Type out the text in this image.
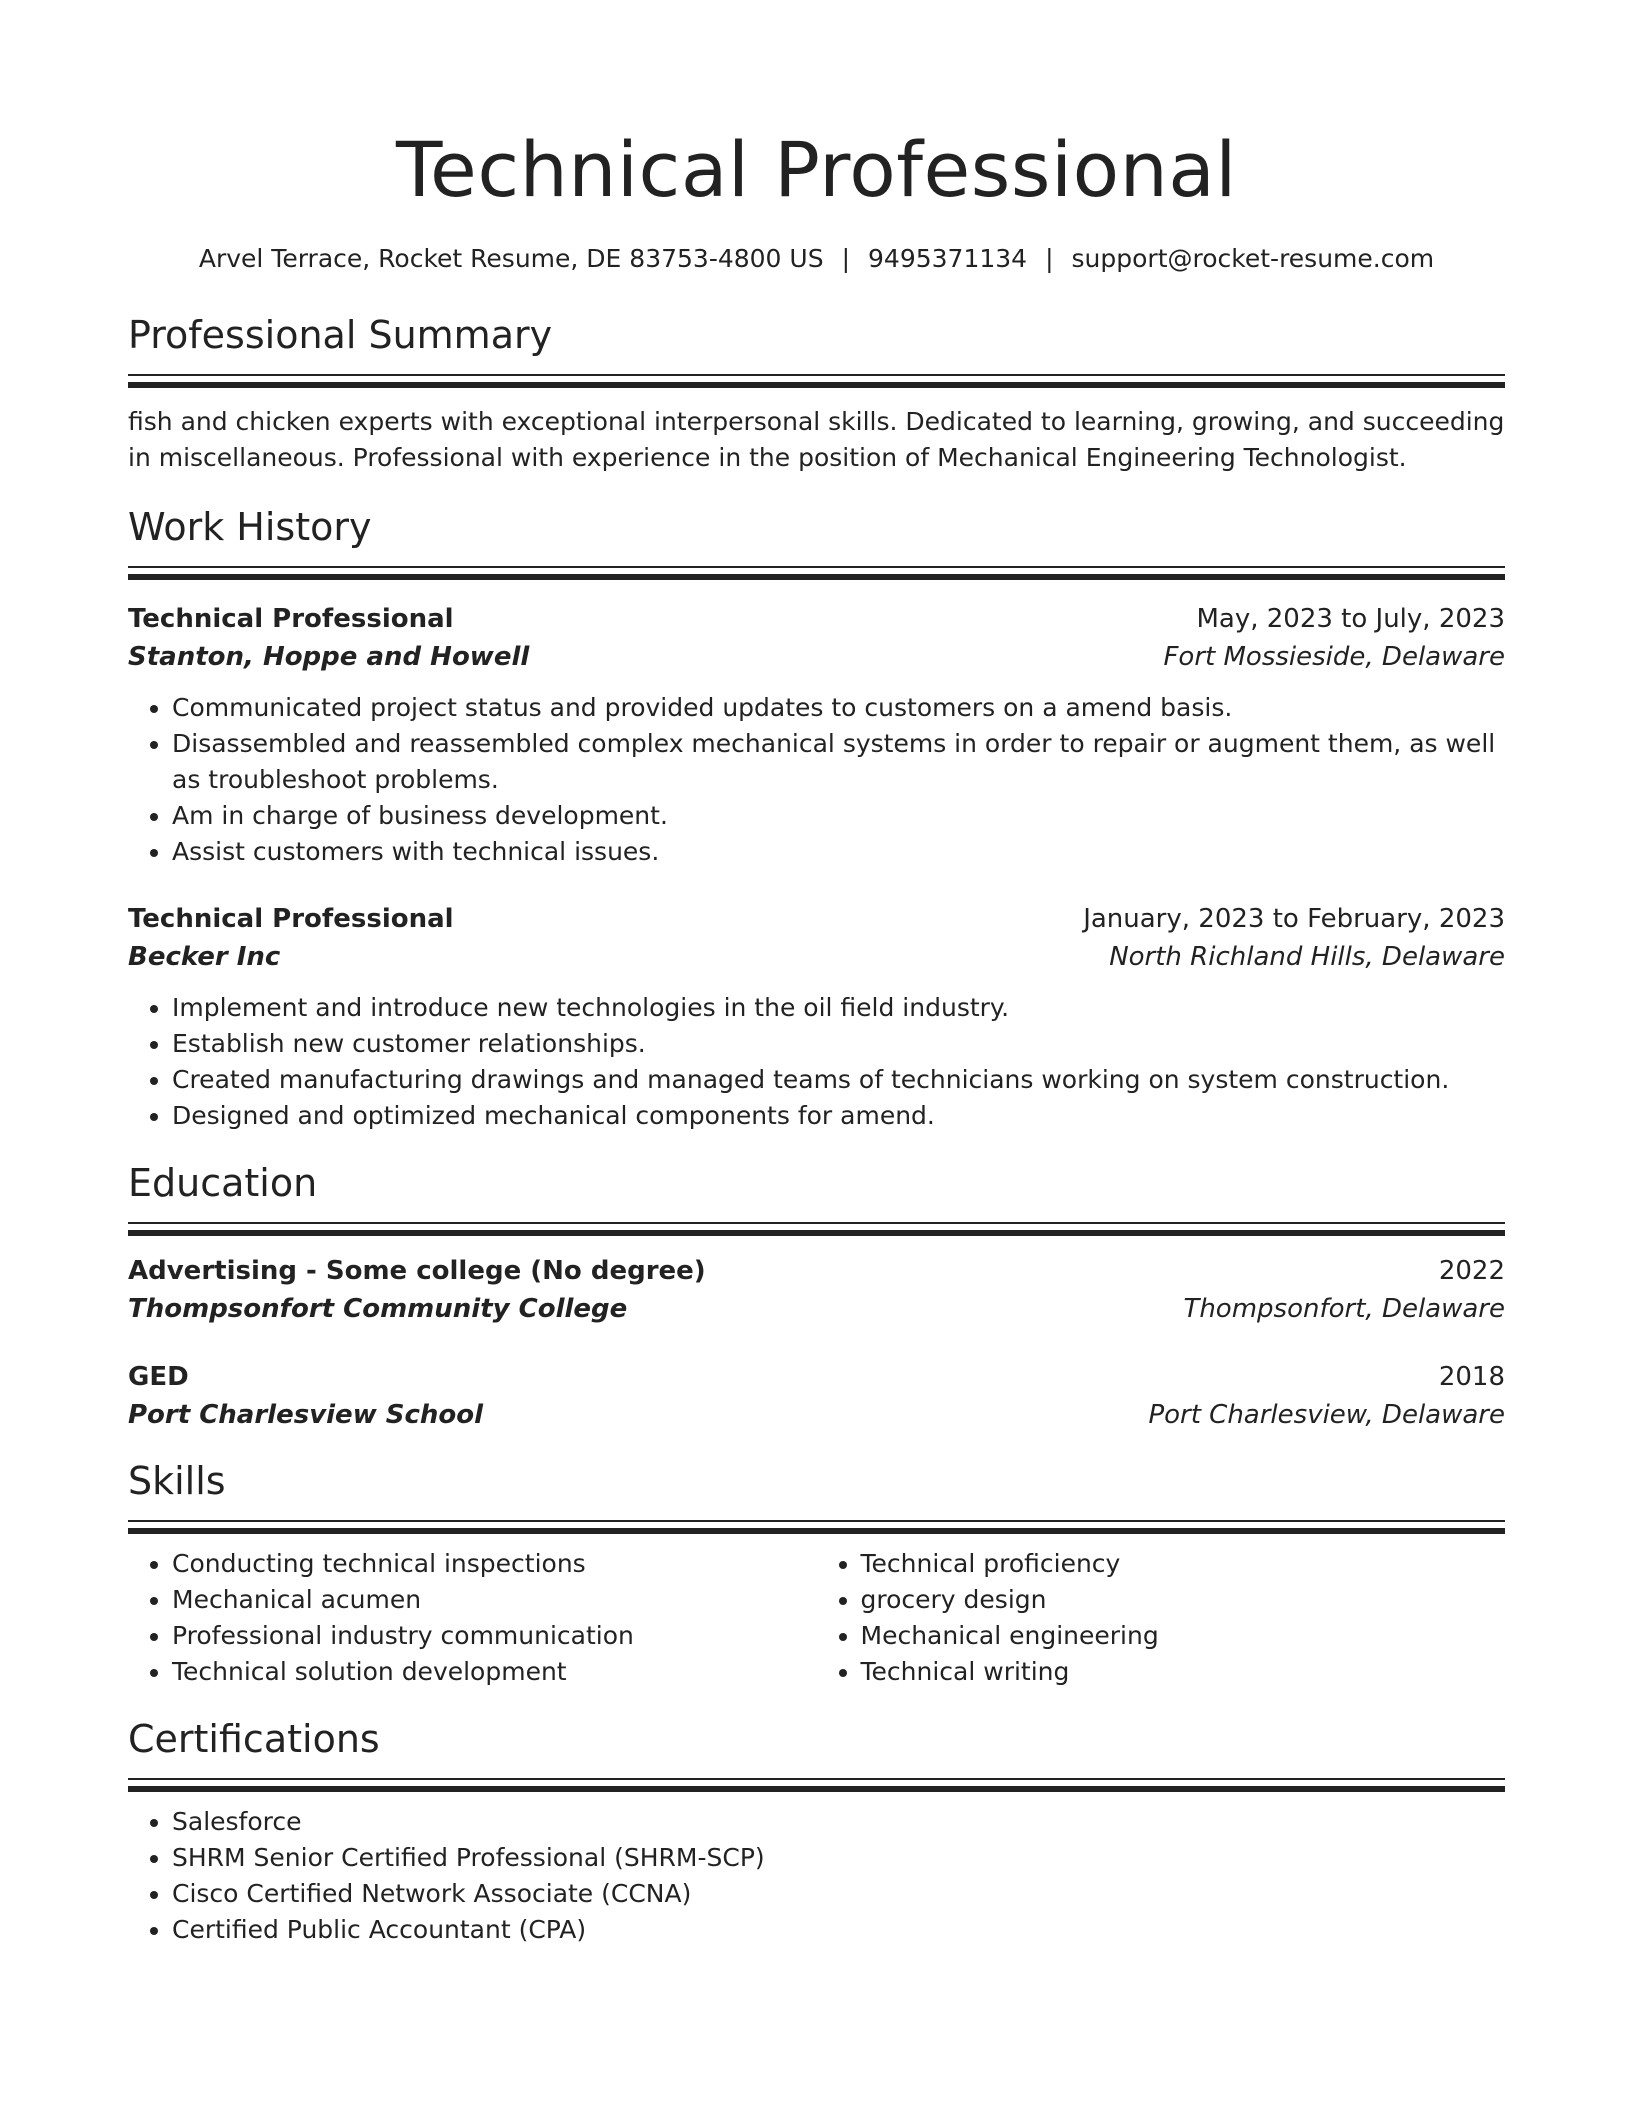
Technical Professional
Arvel Terrace, Rocket Resume, DE 83753-4800 US | 9495371134 | support@rocket-resume.com
Professional Summary
fish and chicken experts with exceptional interpersonal skills. Dedicated to learning, growing, and succeeding in miscellaneous. Professional with experience in the position of Mechanical Engineering Technologist.
Work History
Technical Professional	May, 2023 to July, 2023
Stanton, Hoppe and Howell	Fort Mossieside, Delaware
• Communicated project status and provided updates to customers on a amend basis.
• Disassembled and reassembled complex mechanical systems in order to repair or augment them, as well as troubleshoot problems.
• Am in charge of business development.
• Assist customers with technical issues.
Technical Professional	January, 2023 to February, 2023
Becker Inc	North Richland Hills, Delaware
• Implement and introduce new technologies in the oil field industry.
• Establish new customer relationships.
• Created manufacturing drawings and managed teams of technicians working on system construction.
• Designed and optimized mechanical components for amend.
Education
Advertising - Some college (No degree)	2022
Thompsonfort Community College	Thompsonfort, Delaware
GED	2018
Port Charlesview School	Port Charlesview, Delaware
Skills
• Conducting technical inspections
• Mechanical acumen
• Professional industry communication
• Technical solution development
• Technical proficiency
• grocery design
• Mechanical engineering
• Technical writing
Certifications
• Salesforce
• SHRM Senior Certified Professional (SHRM-SCP)
• Cisco Certified Network Associate (CCNA)
• Certified Public Accountant (CPA)
